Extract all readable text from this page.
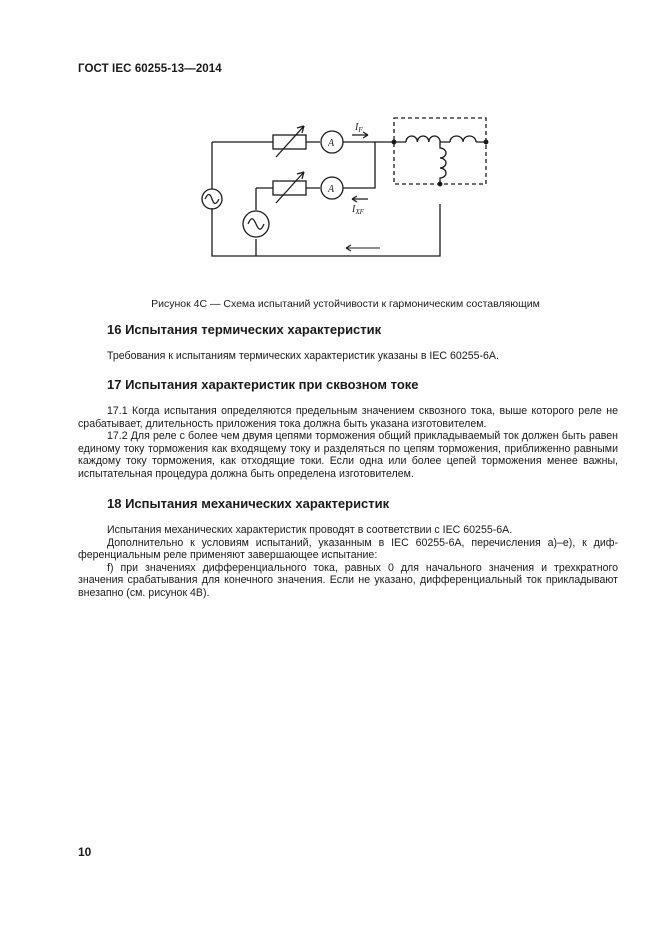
ГОСТ IEC 60255-13—2014
A
A
$I_F$
$I_{XF}$
Рисунок 4С — Схема испытаний устойчивости к гармоническим составляющим

16 Испытания термических характеристик

Требования к испытаниям термических характеристик указаны в IEC 60255-6A.

17 Испытания характеристик при сквозном токе

17.1 Когда испытания определяются предельным значением сквозного тока, выше которого реле не срабатывает, длительность приложения тока должна быть указана изготовителем.

17.2 Для реле с более чем двумя цепями торможения общий прикладываемый ток должен быть равен единому току торможения как входящему току и разделяться по цепям торможения, приближенно равными каждому току торможения, как отходящие токи. Если одна или более цепей торможения менее важны, испытательная процедура должна быть определена изготовителем.

18 Испытания механических характеристик

Испытания механических характеристик проводят в соответствии с IEC 60255-6A.

Дополнительно к условиям испытаний, указанным в IEC 60255-6A, перечисления а)–е), к дифференциальным реле применяют завершающее испытание:

f) при значениях дифференциального тока, равных 0 для начального значения и трехкратного значения срабатывания для конечного значения. Если не указано, дифференциальный ток прикладывают внезапно (см. рисунок 4В).

10
